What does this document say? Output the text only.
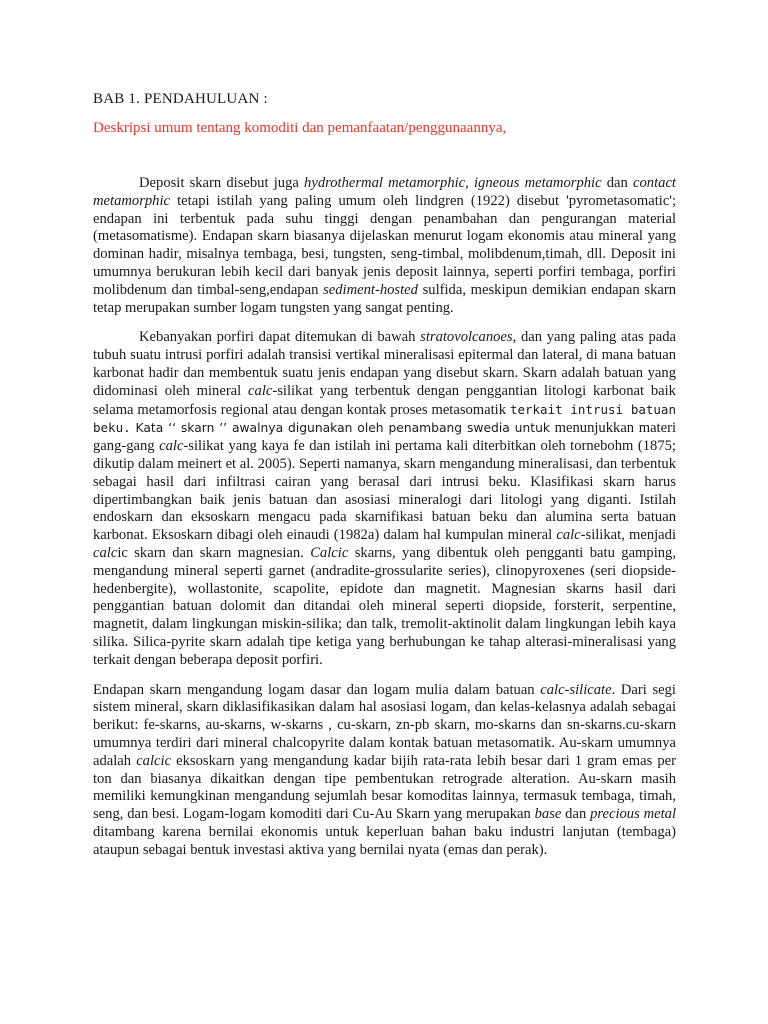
BAB 1. PENDAHULUAN :
Deskripsi umum tentang komoditi dan pemanfaatan/penggunaannya,

Deposit skarn disebut juga hydrothermal metamorphic, igneous metamorphic dan contact metamorphic tetapi istilah yang paling umum oleh lindgren (1922) disebut 'pyrometasomatic'; endapan ini terbentuk pada suhu tinggi dengan penambahan dan pengurangan material (metasomatisme). Endapan skarn biasanya dijelaskan menurut logam ekonomis atau mineral yang dominan hadir, misalnya tembaga, besi, tungsten, seng-timbal, molibdenum,timah, dll. Deposit ini umumnya berukuran lebih kecil dari banyak jenis deposit lainnya, seperti porfiri tembaga, porfiri molibdenum dan timbal-seng,endapan sediment-hosted sulfida, meskipun demikian endapan skarn tetap merupakan sumber logam tungsten yang sangat penting.

Kebanyakan porfiri dapat ditemukan di bawah stratovolcanoes, dan yang paling atas pada tubuh suatu intrusi porfiri adalah transisi vertikal mineralisasi epitermal dan lateral, di mana batuan karbonat hadir dan membentuk suatu jenis endapan yang disebut skarn. Skarn adalah batuan yang didominasi oleh mineral calc-silikat yang terbentuk dengan penggantian litologi karbonat baik selama metamorfosis regional atau dengan kontak proses metasomatik terkait intrusi batuan beku. Kata ‘‘ skarn ’’ awalnya digunakan oleh penambang swedia untuk menunjukkan materi gang-gang calc-silikat yang kaya fe dan istilah ini pertama kali diterbitkan oleh tornebohm (1875; dikutip dalam meinert et al. 2005). Seperti namanya, skarn mengandung mineralisasi, dan terbentuk sebagai hasil dari infiltrasi cairan yang berasal dari intrusi beku. Klasifikasi skarn harus dipertimbangkan baik jenis batuan dan asosiasi mineralogi dari litologi yang diganti. Istilah endoskarn dan eksoskarn mengacu pada skarnifikasi batuan beku dan alumina serta batuan karbonat. Eksoskarn dibagi oleh einaudi (1982a) dalam hal kumpulan mineral calc-silikat, menjadi calcic skarn dan skarn magnesian. Calcic skarns, yang dibentuk oleh pengganti batu gamping, mengandung mineral seperti garnet (andradite-grossularite series), clinopyroxenes (seri diopside-hedenbergite), wollastonite, scapolite, epidote dan magnetit. Magnesian skarns hasil dari penggantian batuan dolomit dan ditandai oleh mineral seperti diopside, forsterit, serpentine, magnetit, dalam lingkungan miskin-silika; dan talk, tremolit-aktinolit dalam lingkungan lebih kaya silika. Silica-pyrite skarn adalah tipe ketiga yang berhubungan ke tahap alterasi-mineralisasi yang terkait dengan beberapa deposit porfiri.

Endapan skarn mengandung logam dasar dan logam mulia dalam batuan calc-silicate. Dari segi sistem mineral, skarn diklasifikasikan dalam hal asosiasi logam, dan kelas-kelasnya adalah sebagai berikut: fe-skarns, au-skarns, w-skarns , cu-skarn, zn-pb skarn, mo-skarns dan sn-skarns.cu-skarn umumnya terdiri dari mineral chalcopyrite dalam kontak batuan metasomatik. Au-skarn umumnya adalah calcic eksoskarn yang mengandung kadar bijih rata-rata lebih besar dari 1 gram emas per ton dan biasanya dikaitkan dengan tipe pembentukan retrograde alteration. Au-skarn masih memiliki kemungkinan mengandung sejumlah besar komoditas lainnya, termasuk tembaga, timah, seng, dan besi. Logam-logam komoditi dari Cu-Au Skarn yang merupakan base dan precious metal ditambang karena bernilai ekonomis untuk keperluan bahan baku industri lanjutan (tembaga) ataupun sebagai bentuk investasi aktiva yang bernilai nyata (emas dan perak).
